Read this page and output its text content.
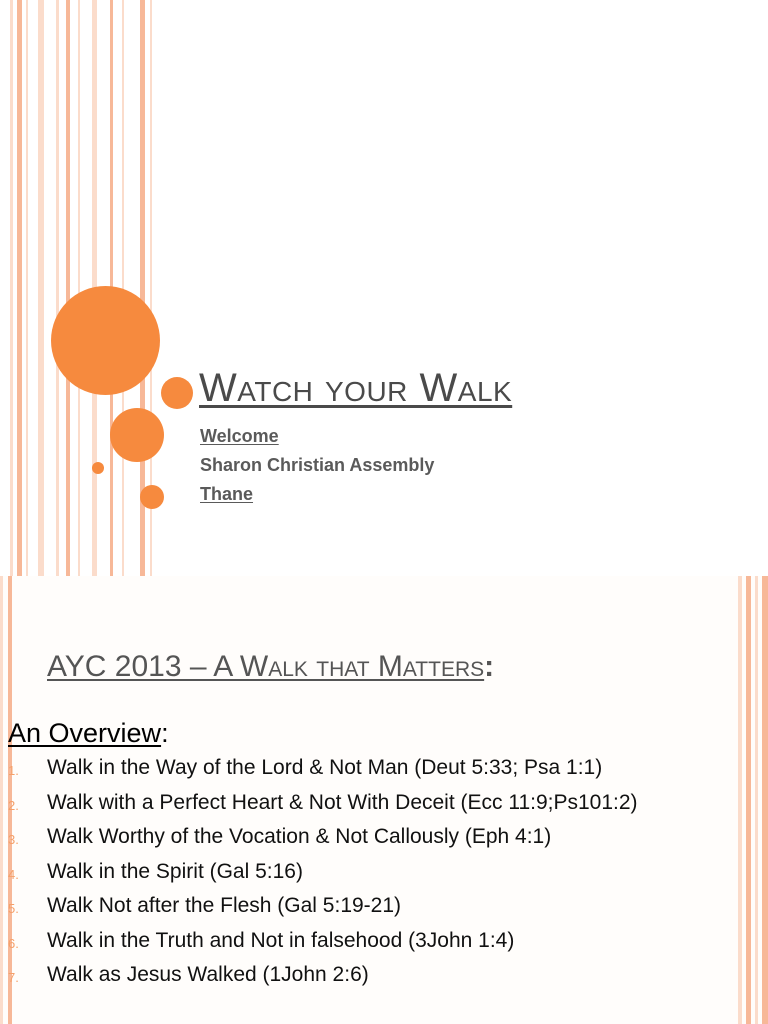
Watch your Walk
Welcome
Sharon Christian Assembly
Thane
AYC 2013 – A Walk that Matters:
An Overview:
1. Walk in the Way of the Lord & Not Man (Deut 5:33; Psa 1:1)
2. Walk with a Perfect Heart & Not With Deceit (Ecc 11:9;Ps101:2)
3. Walk Worthy of the Vocation & Not Callously (Eph 4:1)
4. Walk in the Spirit (Gal 5:16)
5. Walk Not after the Flesh (Gal 5:19-21)
6. Walk in the Truth and Not in falsehood (3John 1:4)
7. Walk as Jesus Walked (1John 2:6)
